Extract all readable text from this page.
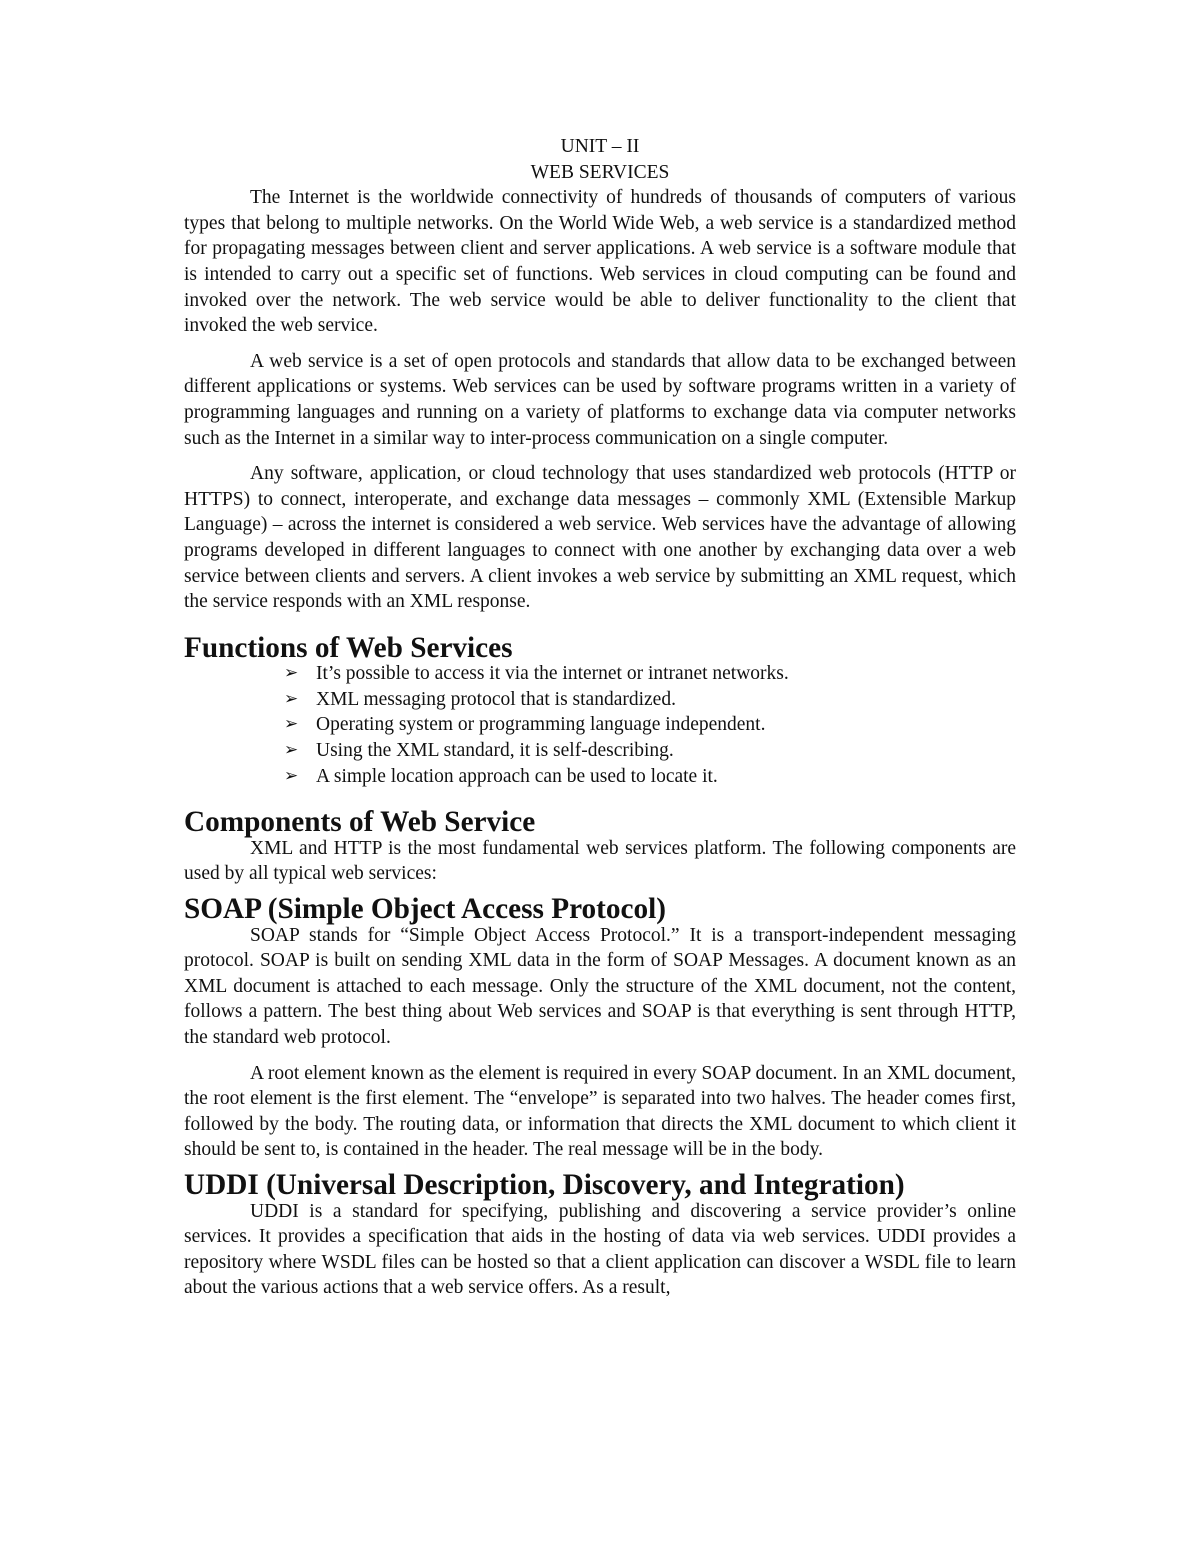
UNIT – II
WEB SERVICES

The Internet is the worldwide connectivity of hundreds of thousands of computers of various types that belong to multiple networks. On the World Wide Web, a web service is a standardized method for propagating messages between client and server applications. A web service is a software module that is intended to carry out a specific set of functions. Web services in cloud computing can be found and invoked over the network. The web service would be able to deliver functionality to the client that invoked the web service.

A web service is a set of open protocols and standards that allow data to be exchanged between different applications or systems. Web services can be used by software programs written in a variety of programming languages and running on a variety of platforms to exchange data via computer networks such as the Internet in a similar way to inter-process communication on a single computer.

Any software, application, or cloud technology that uses standardized web protocols (HTTP or HTTPS) to connect, interoperate, and exchange data messages – commonly XML (Extensible Markup Language) – across the internet is considered a web service. Web services have the advantage of allowing programs developed in different languages to connect with one another by exchanging data over a web service between clients and servers. A client invokes a web service by submitting an XML request, which the service responds with an XML response.

Functions of Web Services
➢ It’s possible to access it via the internet or intranet networks.
➢ XML messaging protocol that is standardized.
➢ Operating system or programming language independent.
➢ Using the XML standard, it is self-describing.
➢ A simple location approach can be used to locate it.
Components of Web Service

XML and HTTP is the most fundamental web services platform. The following components are used by all typical web services:

SOAP (Simple Object Access Protocol)

SOAP stands for “Simple Object Access Protocol.” It is a transport-independent messaging protocol. SOAP is built on sending XML data in the form of SOAP Messages. A document known as an XML document is attached to each message. Only the structure of the XML document, not the content, follows a pattern. The best thing about Web services and SOAP is that everything is sent through HTTP, the standard web protocol.

A root element known as the element is required in every SOAP document. In an XML document, the root element is the first element. The “envelope” is separated into two halves. The header comes first, followed by the body. The routing data, or information that directs the XML document to which client it should be sent to, is contained in the header. The real message will be in the body.

UDDI (Universal Description, Discovery, and Integration)

UDDI is a standard for specifying, publishing and discovering a service provider’s online services. It provides a specification that aids in the hosting of data via web services. UDDI provides a repository where WSDL files can be hosted so that a client application can discover a WSDL file to learn about the various actions that a web service offers. As a result,
